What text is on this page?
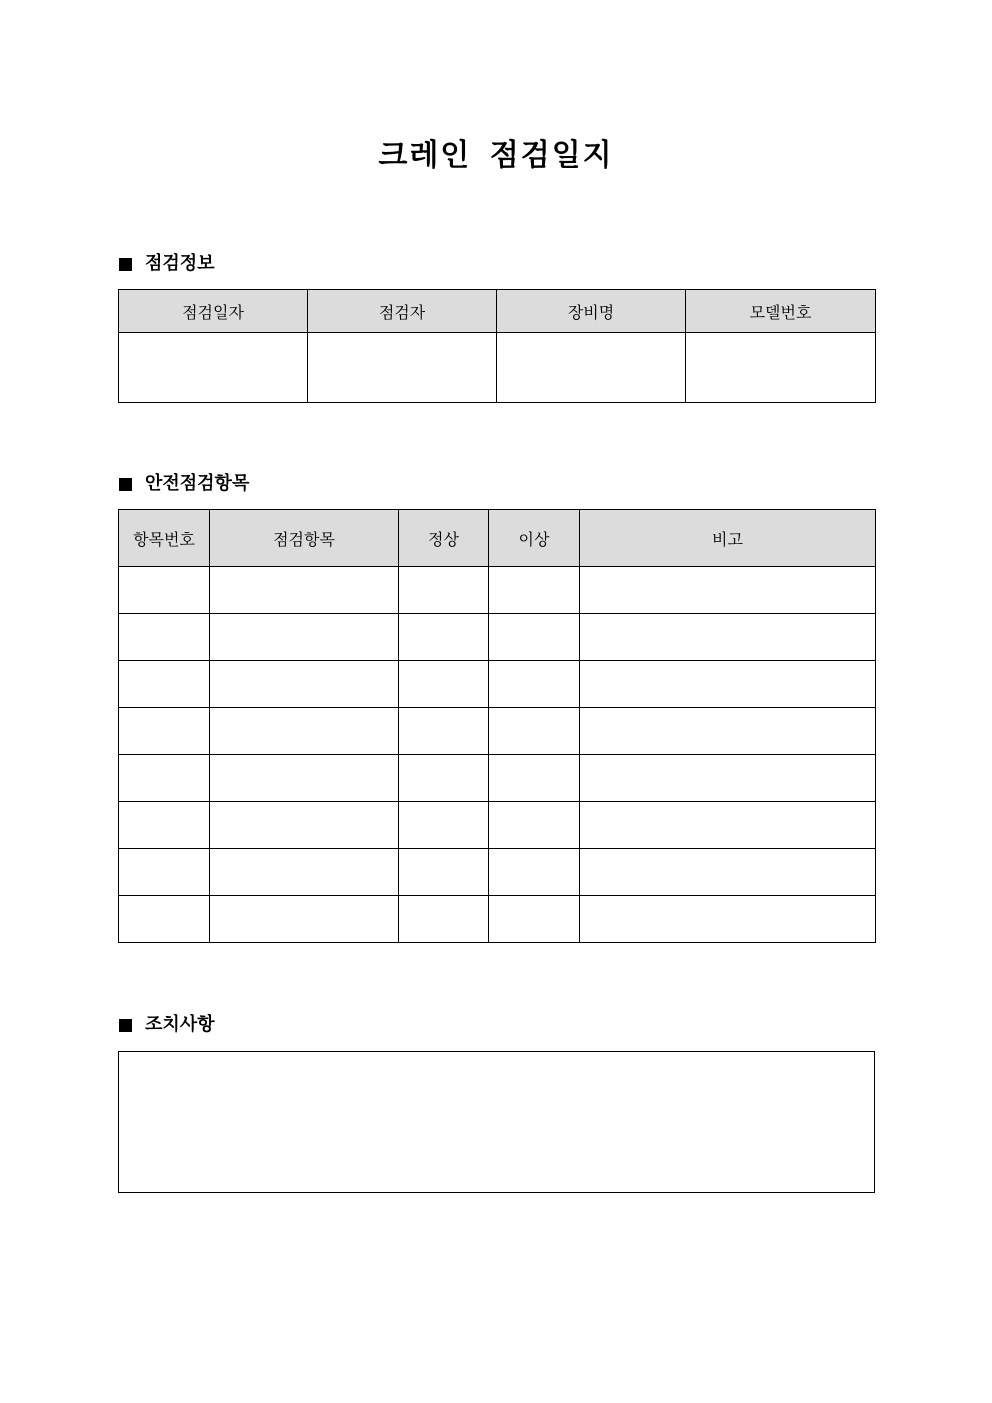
크레인 점검일지
점검정보
점검일자	점검자	장비명	모델번호

안전점검항목
항목번호	점검항목	정상	이상	비고

조치사항
